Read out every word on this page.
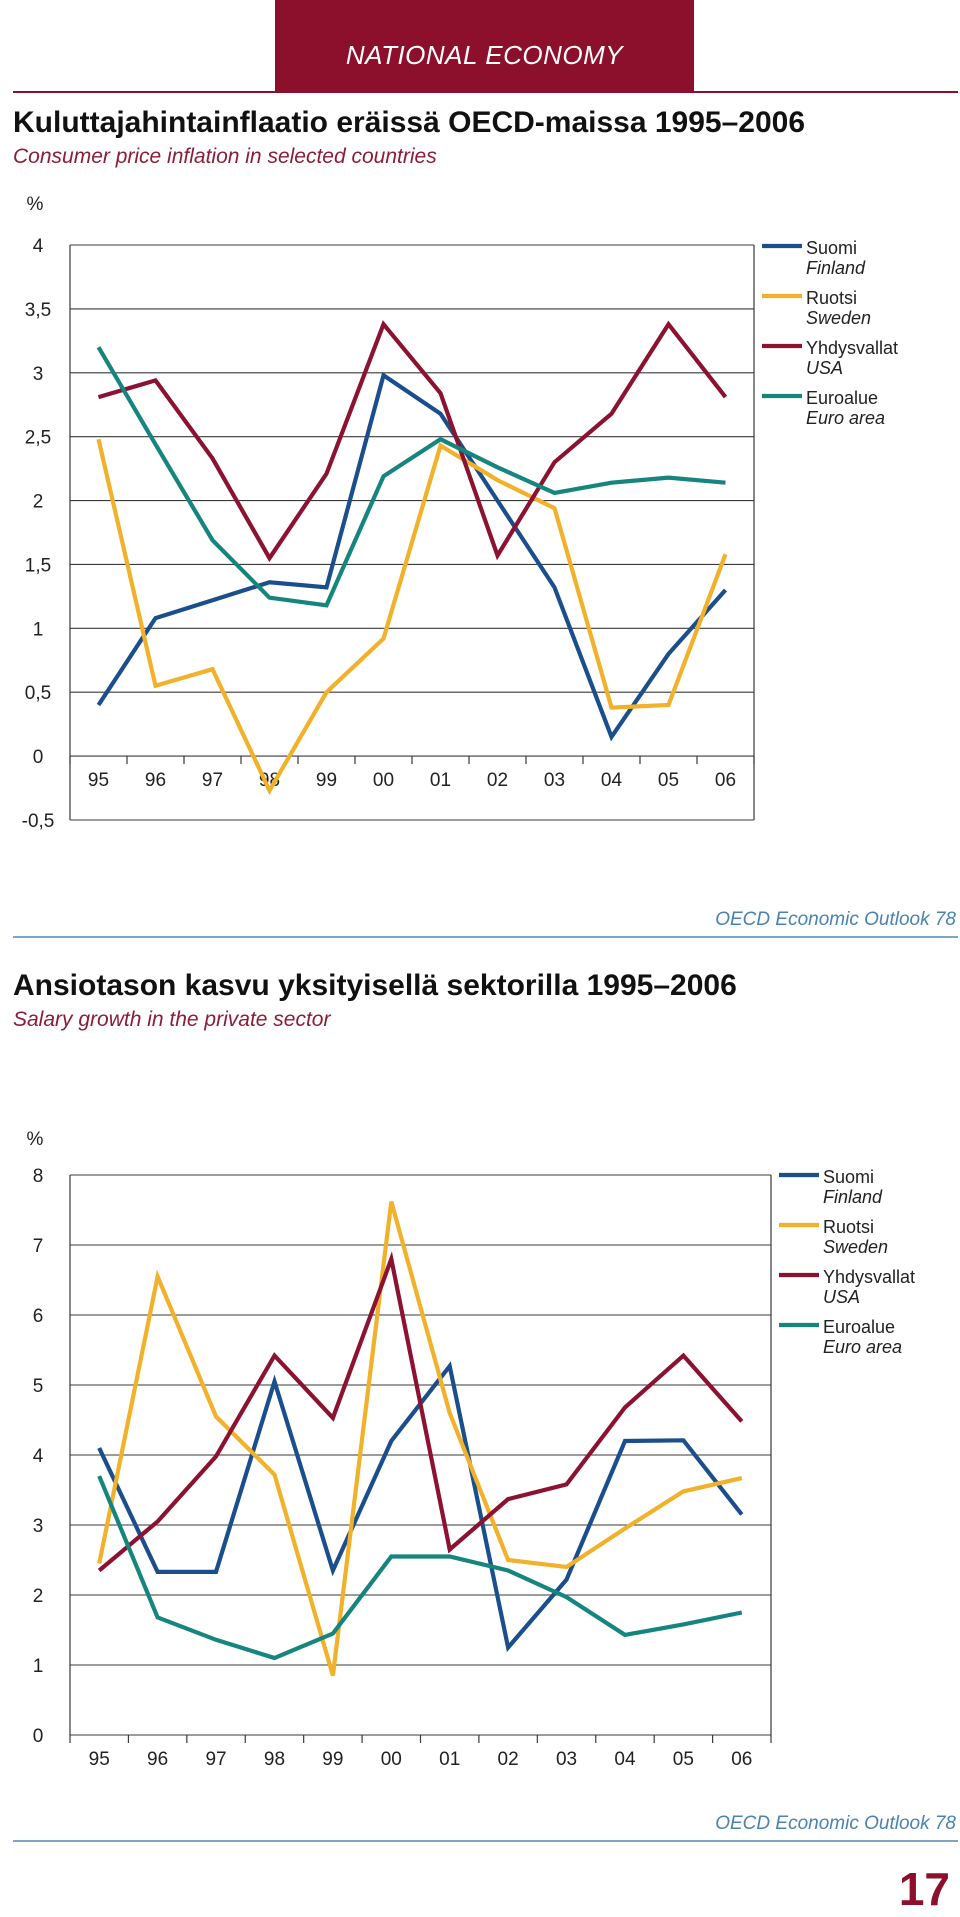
NATIONAL ECONOMY
Kuluttajahintainflaatio eräissä OECD-maissa 1995–2006
Consumer price inflation in selected countries
%
4
3,5
3
2,5
2
1,5
1
0,5
0
-0,5
95 96 97 98 99 00 01 02 03 04 05 06
Suomi
Finland
Ruotsi
Sweden
Yhdysvallat
USA
Euroalue
Euro area
OECD Economic Outlook 78
Ansiotason kasvu yksityisellä sektorilla 1995–2006
Salary growth in the private sector
%
8
7
6
5
4
3
2
1
0
95 96 97 98 99 00 01 02 03 04 05 06
Suomi
Finland
Ruotsi
Sweden
Yhdysvallat
USA
Euroalue
Euro area
OECD Economic Outlook 78
17
